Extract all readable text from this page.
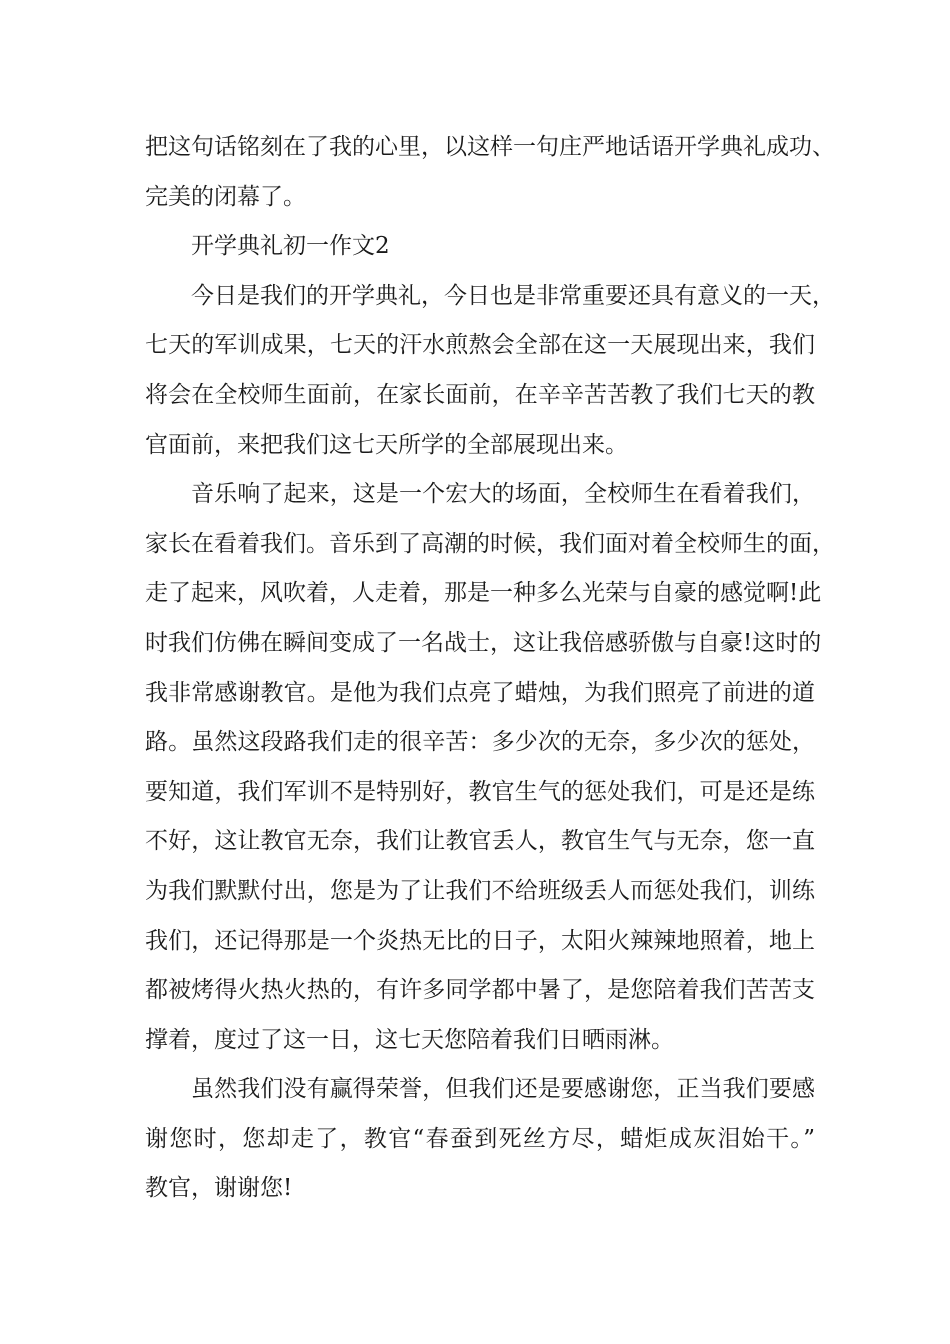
把这句话铭刻在了我的心里，以这样一句庄严地话语开学典礼成功、
完美的闭幕了。
开学典礼初一作文2
今日是我们的开学典礼，今日也是非常重要还具有意义的一天，
七天的军训成果，七天的汗水煎熬会全部在这一天展现出来，我们
将会在全校师生面前，在家长面前，在辛辛苦苦教了我们七天的教
官面前，来把我们这七天所学的全部展现出来。
音乐响了起来，这是一个宏大的场面，全校师生在看着我们，
家长在看着我们。音乐到了高潮的时候，我们面对着全校师生的面，
走了起来，风吹着，人走着，那是一种多么光荣与自豪的感觉啊!此
时我们仿佛在瞬间变成了一名战士，这让我倍感骄傲与自豪!这时的
我非常感谢教官。是他为我们点亮了蜡烛，为我们照亮了前进的道
路。虽然这段路我们走的很辛苦：多少次的无奈，多少次的惩处，
要知道，我们军训不是特别好，教官生气的惩处我们，可是还是练
不好，这让教官无奈，我们让教官丢人，教官生气与无奈，您一直
为我们默默付出，您是为了让我们不给班级丢人而惩处我们，训练
我们，还记得那是一个炎热无比的日子，太阳火辣辣地照着，地上
都被烤得火热火热的，有许多同学都中暑了，是您陪着我们苦苦支
撑着，度过了这一日，这七天您陪着我们日晒雨淋。
虽然我们没有赢得荣誉，但我们还是要感谢您，正当我们要感
谢您时，您却走了，教官“春蚕到死丝方尽，蜡炬成灰泪始干。”
教官，谢谢您!
